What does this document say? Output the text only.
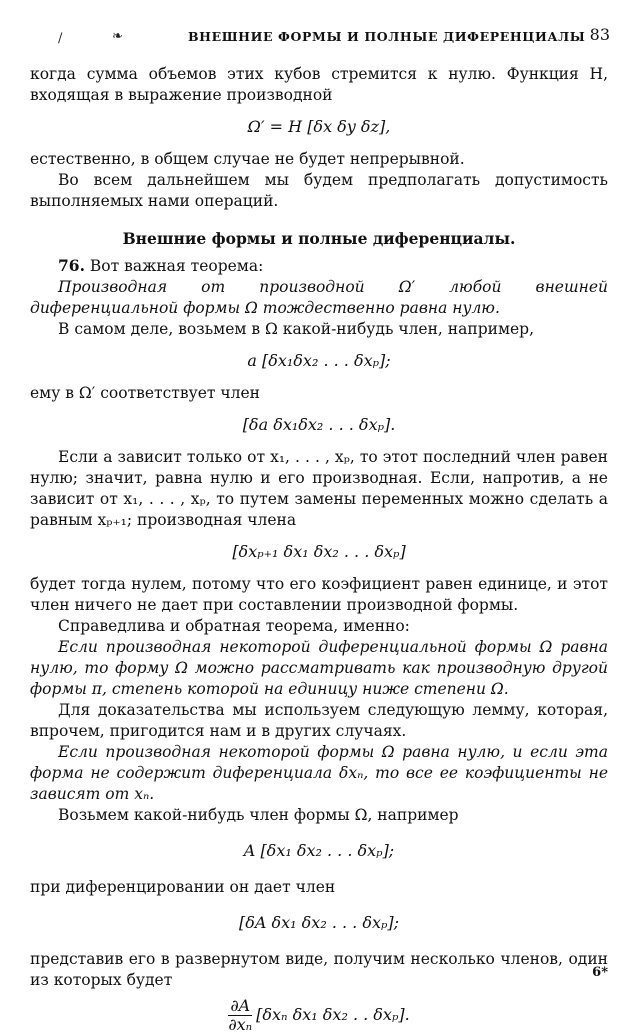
/	❧	ВНЕШНИЕ ФОРМЫ И ПОЛНЫЕ ДИФЕРЕНЦИАЛЫ 83

когда сумма объемов этих кубов стремится к нулю. Функция H, входящая в выражение производной

Ω′ = H [δx δy δz],

естественно, в общем случае не будет непрерывной.

Во всем дальнейшем мы будем предполагать допустимость выполняемых нами операций.

Внешние формы и полные диференциалы.

76. Вот важная теорема:

Производная от производной Ω′ любой внешней диференциальной формы Ω тождественно равна нулю.

В самом деле, возьмем в Ω какой-нибудь член, например,

a [δx₁δx₂ . . . δxₚ];

ему в Ω′ соответствует член

[δa δx₁δx₂ . . . δxₚ].

Если a зависит только от x₁, . . . , xₚ, то этот последний член равен нулю; значит, равна нулю и его производная. Если, напротив, a не зависит от x₁, . . . , xₚ, то путем замены переменных можно сделать a равным xₚ₊₁; производная члена

[δxₚ₊₁ δx₁ δx₂ . . . δxₚ]

будет тогда нулем, потому что его коэфициент равен единице, и этот член ничего не дает при составлении производной формы.

Справедлива и обратная теорема, именно:

Если производная некоторой диференциальной формы Ω равна нулю, то форму Ω можно рассматривать как производную другой формы π, степень которой на единицу ниже степени Ω.

Для доказательства мы используем следующую лемму, которая, впрочем, пригодится нам и в других случаях.

Если производная некоторой формы Ω равна нулю, и если эта форма не содержит диференциала δxₙ, то все ее коэфициенты не зависят от xₙ.

Возьмем какой-нибудь член формы Ω, например

A [δx₁ δx₂ . . . δxₚ];

при диференцировании он дает член

[δA δx₁ δx₂ . . . δxₚ];

представив его в развернутом виде, получим несколько членов, один из которых будет

$\frac{\partial A}{\text{∂xₙ}} [\delta x_n$ δx₁ δx₂ . . δxₚ].
6*
